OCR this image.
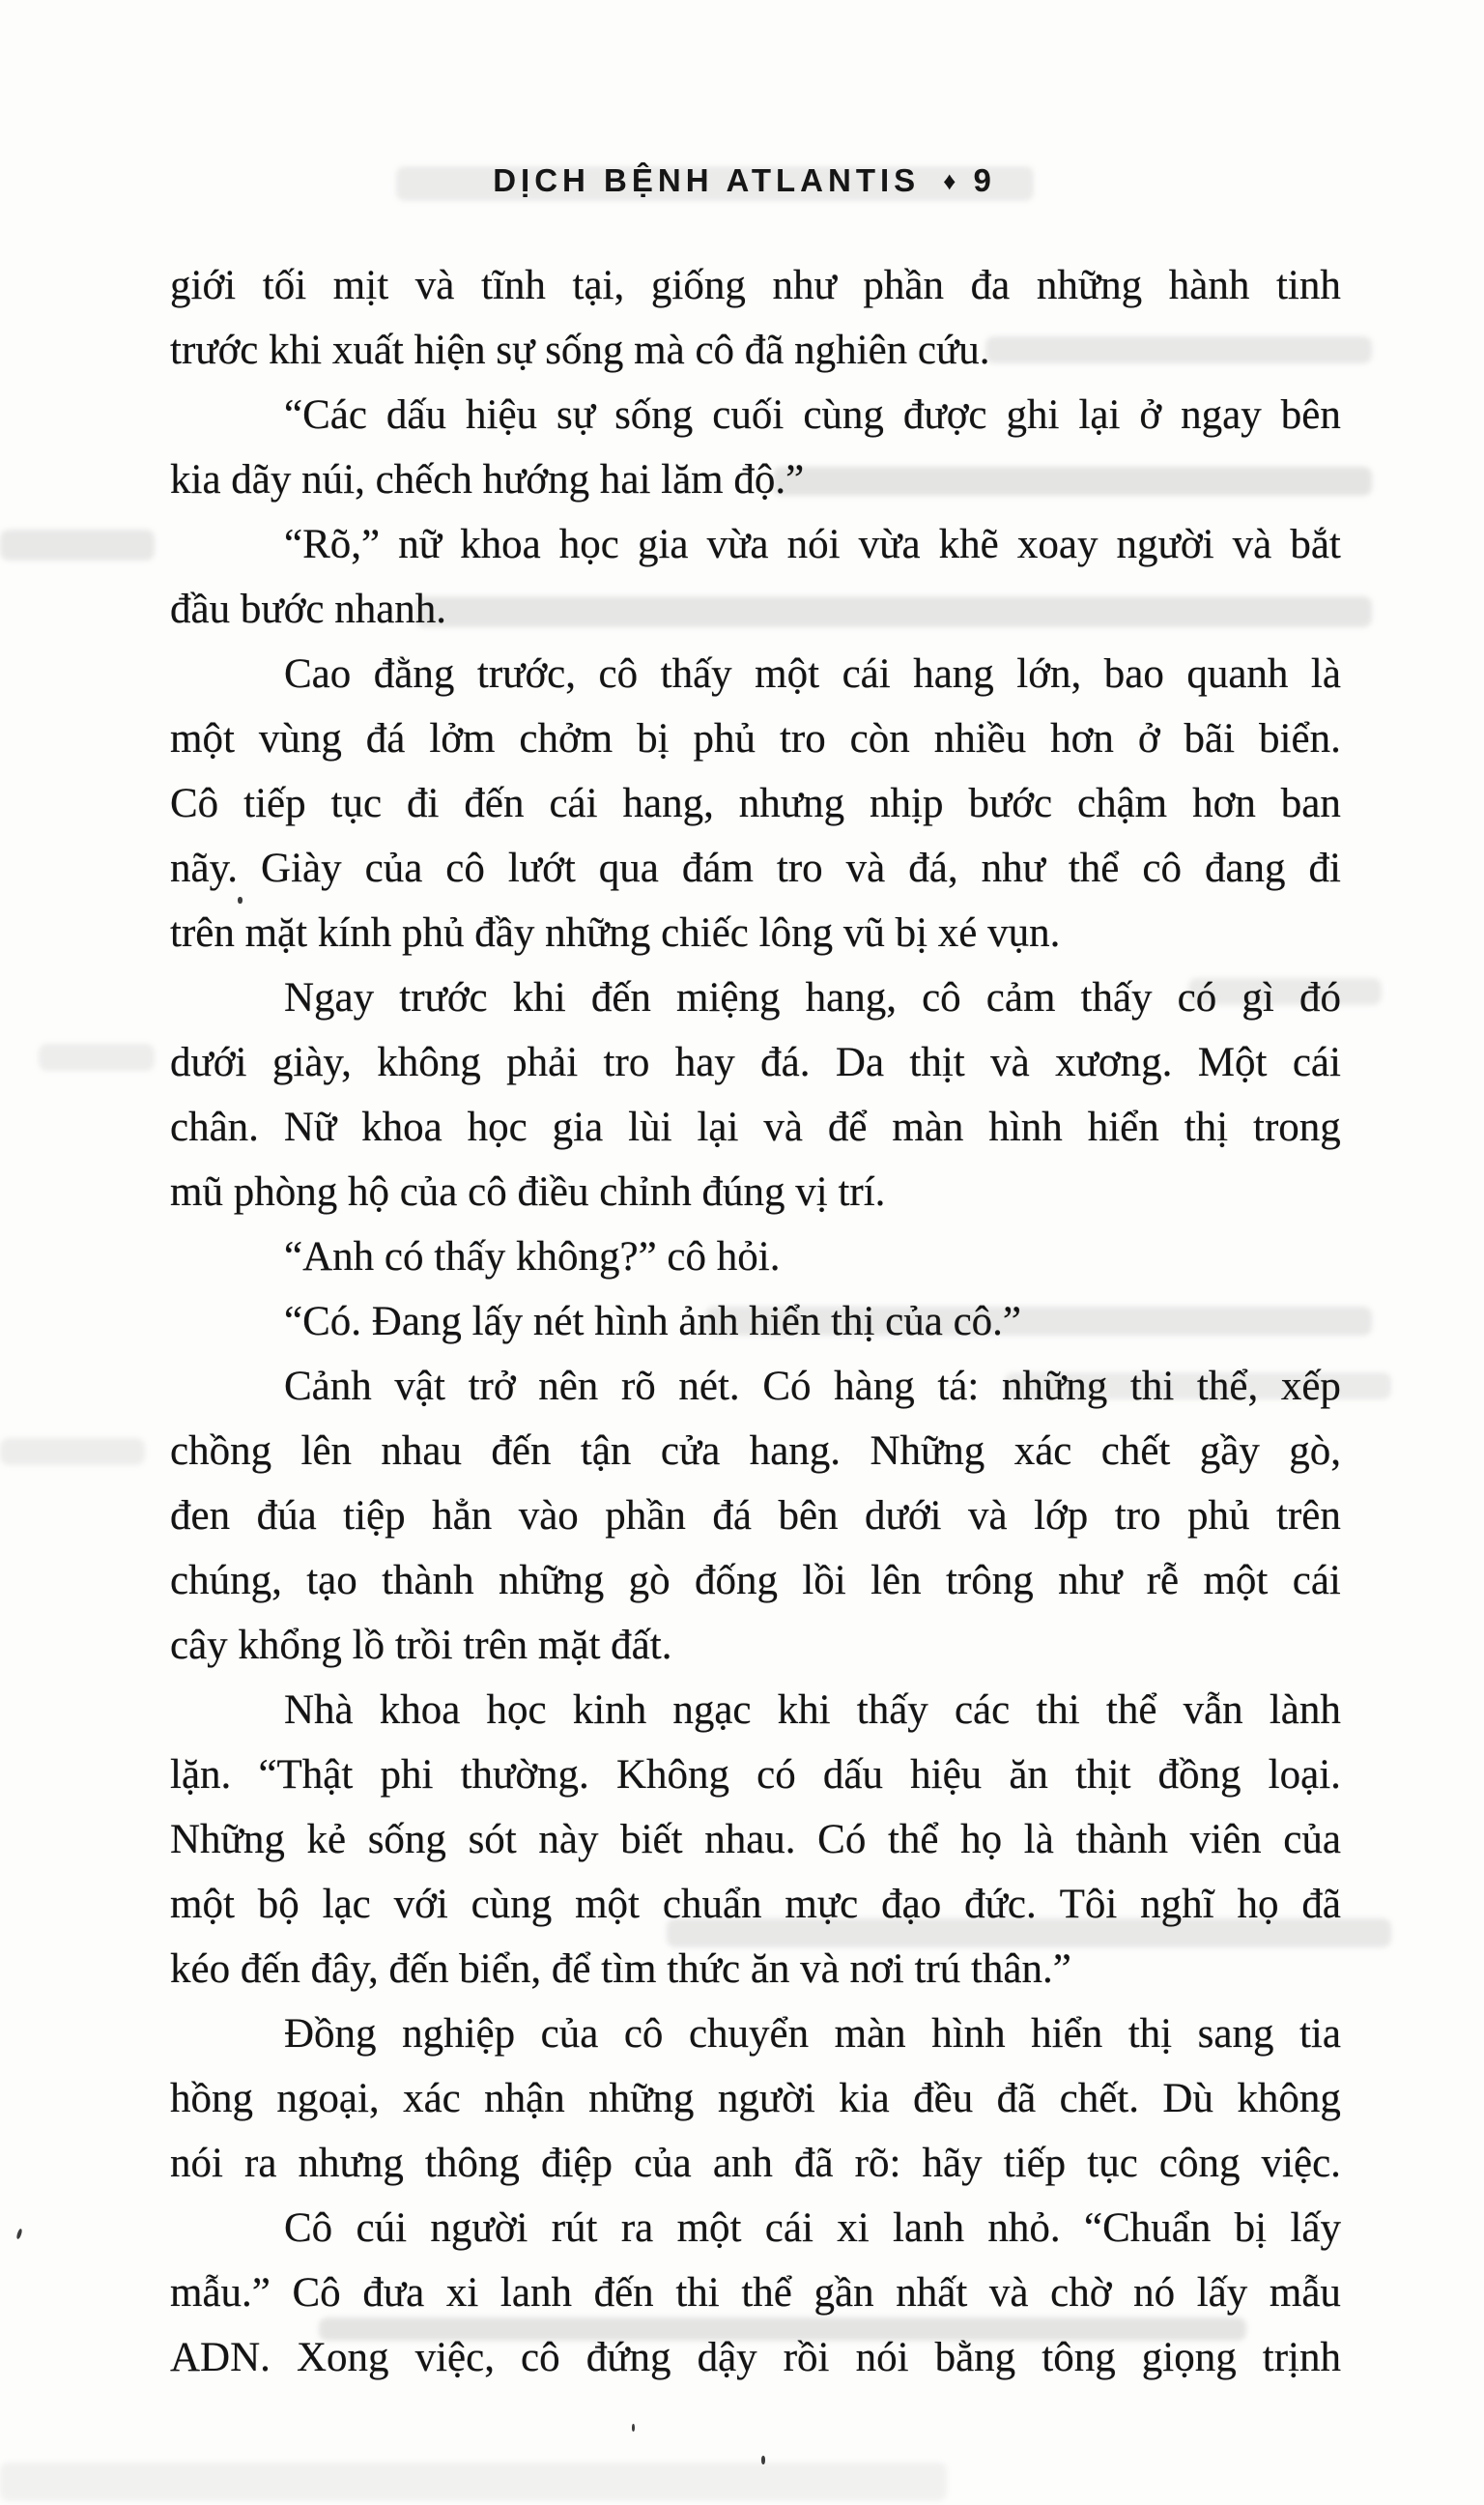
DỊCH BỆNH ATLANTIS ♦ 9
giới tối mịt và tĩnh tại, giống như phần đa những hành tinh
trước khi xuất hiện sự sống mà cô đã nghiên cứu.
“Các dấu hiệu sự sống cuối cùng được ghi lại ở ngay bên
kia dãy núi, chếch hướng hai lăm độ.”
“Rõ,” nữ khoa học gia vừa nói vừa khẽ xoay người và bắt
đầu bước nhanh.
Cao đằng trước, cô thấy một cái hang lớn, bao quanh là
một vùng đá lởm chởm bị phủ tro còn nhiều hơn ở bãi biển.
Cô tiếp tục đi đến cái hang, nhưng nhịp bước chậm hơn ban
nãy. Giày của cô lướt qua đám tro và đá, như thể cô đang đi
trên mặt kính phủ đầy những chiếc lông vũ bị xé vụn.
Ngay trước khi đến miệng hang, cô cảm thấy có gì đó
dưới giày, không phải tro hay đá. Da thịt và xương. Một cái
chân. Nữ khoa học gia lùi lại và để màn hình hiển thị trong
mũ phòng hộ của cô điều chỉnh đúng vị trí.
“Anh có thấy không?” cô hỏi.
“Có. Đang lấy nét hình ảnh hiển thị của cô.”
Cảnh vật trở nên rõ nét. Có hàng tá: những thi thể, xếp
chồng lên nhau đến tận cửa hang. Những xác chết gầy gò,
đen đúa tiệp hẳn vào phần đá bên dưới và lớp tro phủ trên
chúng, tạo thành những gò đống lồi lên trông như rễ một cái
cây khổng lồ trồi trên mặt đất.
Nhà khoa học kinh ngạc khi thấy các thi thể vẫn lành
lặn. “Thật phi thường. Không có dấu hiệu ăn thịt đồng loại.
Những kẻ sống sót này biết nhau. Có thể họ là thành viên của
một bộ lạc với cùng một chuẩn mực đạo đức. Tôi nghĩ họ đã
kéo đến đây, đến biển, để tìm thức ăn và nơi trú thân.”
Đồng nghiệp của cô chuyển màn hình hiển thị sang tia
hồng ngoại, xác nhận những người kia đều đã chết. Dù không
nói ra nhưng thông điệp của anh đã rõ: hãy tiếp tục công việc.
Cô cúi người rút ra một cái xi lanh nhỏ. “Chuẩn bị lấy
mẫu.” Cô đưa xi lanh đến thi thể gần nhất và chờ nó lấy mẫu
ADN. Xong việc, cô đứng dậy rồi nói bằng tông giọng trịnh
